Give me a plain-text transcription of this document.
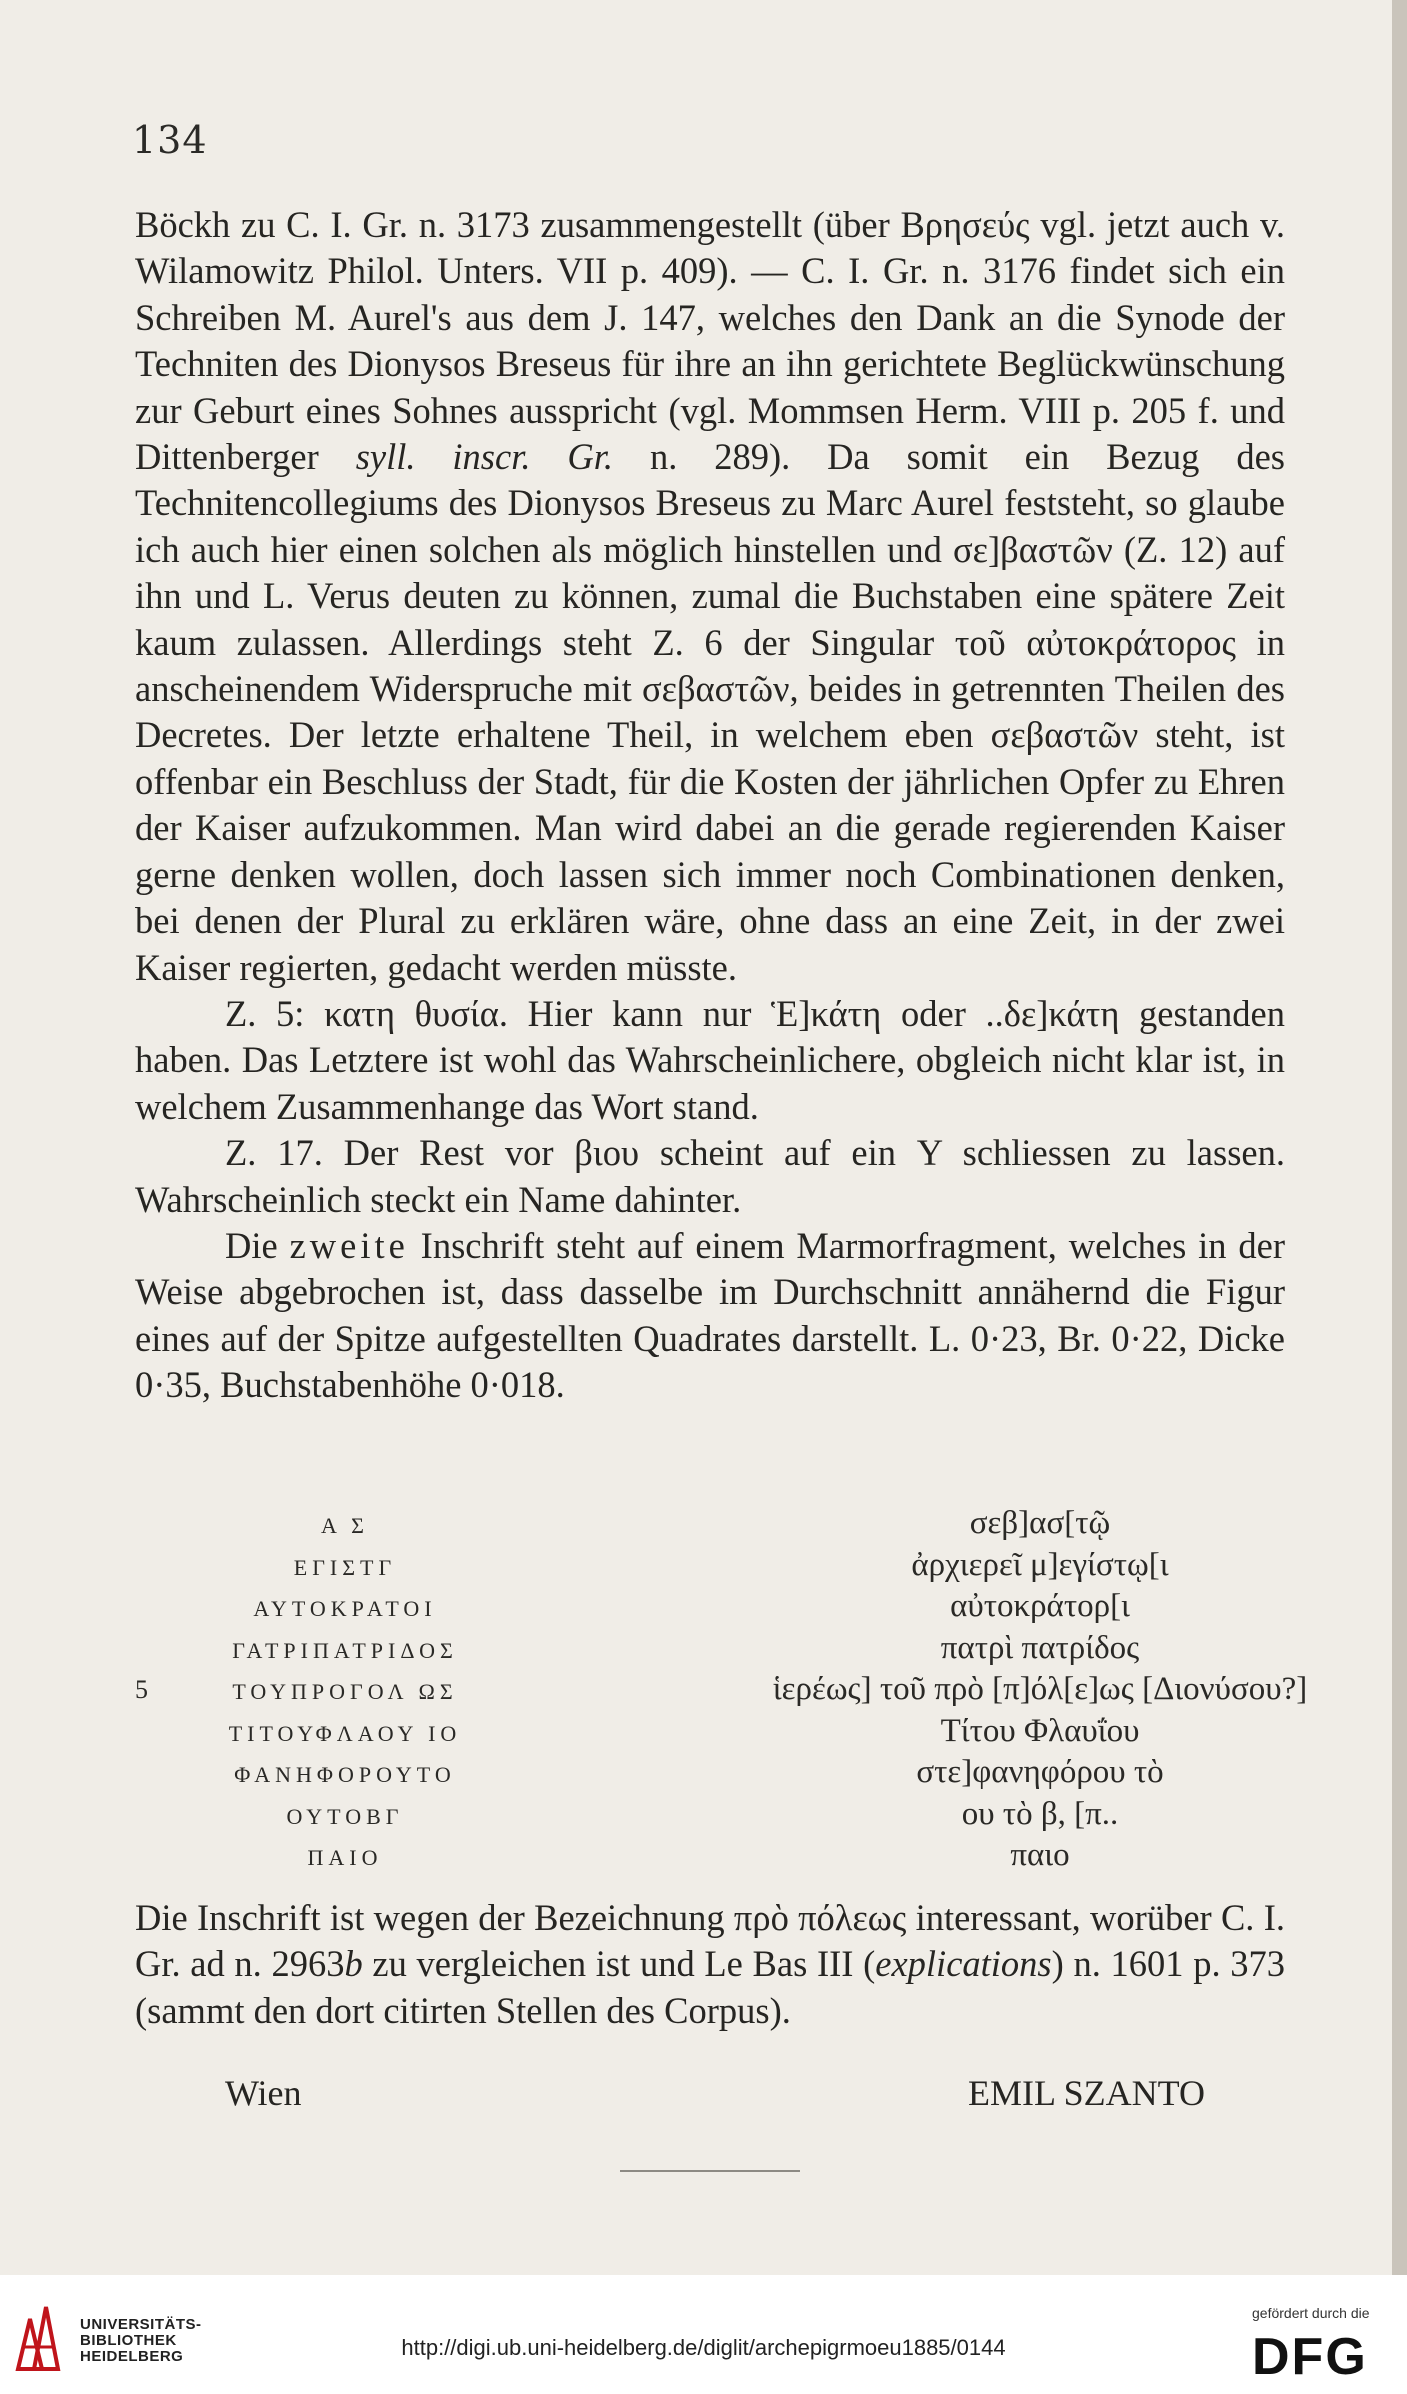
134

Böckh zu C. I. Gr. n. 3173 zusammengestellt (über Βρησεύς vgl. jetzt auch v. Wilamowitz Philol. Unters. VII p. 409). — C. I. Gr. n. 3176 findet sich ein Schreiben M. Aurel's aus dem J. 147, welches den Dank an die Synode der Techniten des Dionysos Breseus für ihre an ihn gerichtete Beglückwünschung zur Geburt eines Sohnes ausspricht (vgl. Mommsen Herm. VIII p. 205 f. und Dittenberger syll. inscr. Gr. n. 289). Da somit ein Bezug des Technitencollegiums des Dionysos Breseus zu Marc Aurel feststeht, so glaube ich auch hier einen solchen als möglich hinstellen und σε]βαστῶν (Z. 12) auf ihn und L. Verus deuten zu können, zumal die Buchstaben eine spätere Zeit kaum zulassen. Allerdings steht Z. 6 der Singular τοῦ αὐτοκράτορος in anscheinendem Widerspruche mit σεβαστῶν, beides in getrennten Theilen des Decretes. Der letzte erhaltene Theil, in welchem eben σεβαστῶν steht, ist offenbar ein Beschluss der Stadt, für die Kosten der jährlichen Opfer zu Ehren der Kaiser aufzukommen. Man wird dabei an die gerade regierenden Kaiser gerne denken wollen, doch lassen sich immer noch Combinationen denken, bei denen der Plural zu erklären wäre, ohne dass an eine Zeit, in der zwei Kaiser regierten, gedacht werden müsste.

Z. 5: κατη θυσία. Hier kann nur Ἑ]κάτη oder ..δε]κάτη gestanden haben. Das Letztere ist wohl das Wahrscheinlichere, obgleich nicht klar ist, in welchem Zusammenhange das Wort stand.

Z. 17. Der Rest vor βιου scheint auf ein Υ schliessen zu lassen. Wahrscheinlich steckt ein Name dahinter.

Die zweite Inschrift steht auf einem Marmorfragment, welches in der Weise abgebrochen ist, dass dasselbe im Durchschnitt annähernd die Figur eines auf der Spitze aufgestellten Quadrates darstellt. L. 0·23, Br. 0·22, Dicke 0·35, Buchstabenhöhe 0·018.

Α Σ	σεβ]ασ[τῷ
ΕΓΙΣΤΓ	ἀρχιερεῖ μ]εγίστῳ[ι
ΑΥΤΟΚΡΑΤΟΙ	αὐτοκράτορ[ι
ΓΑΤΡΙΠΑΤΡΙΔΟΣ	πατρὶ πατρίδος
5	ΤΟΥΠΡΟΓΟΛ ΩΣ	ἱερέως] τοῦ πρὸ [π]όλ[ε]ως [Διονύσου?]
ΤΙΤΟΥΦΛΑΟΥ ΙΟ	Τίτου Φλαυΐου
ΦΑΝΗΦΟΡΟΥΤΟ	στε]φανηφόρου τὸ
ΟΥΤΟΒΓ	ου τὸ β, [π..
ΠΑΙΟ	παιο

Die Inschrift ist wegen der Bezeichnung πρὸ πόλεως interessant, worüber C. I. Gr. ad n. 2963b zu vergleichen ist und Le Bas III (explications) n. 1601 p. 373 (sammt den dort citirten Stellen des Corpus).

Wien	EMIL SZANTO
UNIVERSITÄTS-
BIBLIOTHEK
HEIDELBERG	http://digi.ub.uni-heidelberg.de/diglit/archepigrmoeu1885/0144
gefördert durch die
DFG
